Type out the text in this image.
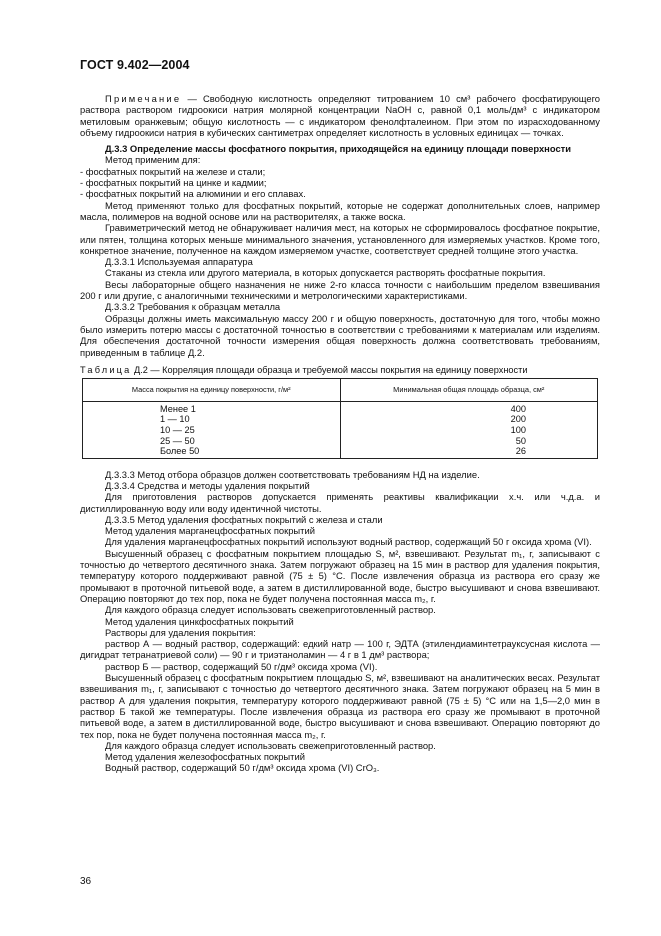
ГОСТ 9.402—2004

Примечание — Свободную кислотность определяют титрованием 10 см³ рабочего фосфатирующего раствора раствором гидроокиси натрия молярной концентрации NaOH c, равной 0,1 моль/дм³ с индикатором метиловым оранжевым; общую кислотность — с индикатором фенолфталеином. При этом по израсходованному объему гидроокиси натрия в кубических сантиметрах определяет кислотность в условных единицах — точках.

Д.3.3 Определение массы фосфатного покрытия, приходящейся на единицу площади поверхности

Метод применим для:

- фосфатных покрытий на железе и стали;

- фосфатных покрытий на цинке и кадмии;

- фосфатных покрытий на алюминии и его сплавах.

Метод применяют только для фосфатных покрытий, которые не содержат дополнительных слоев, например масла, полимеров на водной основе или на растворителях, а также воска.

Гравиметрический метод не обнаруживает наличия мест, на которых не сформировалось фосфатное покрытие, или пятен, толщина которых меньше минимального значения, установленного для измеряемых участков. Кроме того, конкретное значение, полученное на каждом измеряемом участке, соответствует средней толщине этого участка.

Д.3.3.1 Используемая аппаратура

Стаканы из стекла или другого материала, в которых допускается растворять фосфатные покрытия.

Весы лабораторные общего назначения не ниже 2-го класса точности с наибольшим пределом взвешивания 200 г или другие, с аналогичными техническими и метрологическими характеристиками.

Д.3.3.2 Требования к образцам металла

Образцы должны иметь максимальную массу 200 г и общую поверхность, достаточную для того, чтобы можно было измерить потерю массы с достаточной точностью в соответствии с требованиями к материалам или изделиям. Для обеспечения достаточной точности измерения общая поверхность должна соответствовать требованиям, приведенным в таблице Д.2.

Таблица Д.2 — Корреляция площади образца и требуемой массы покрытия на единицу поверхности
Масса покрытия на единицу поверхности, г/м²	Минимальная общая площадь образца, см²
Менее 1	400
1 — 10	200
10 — 25	100
25 — 50	50
Более 50	26

Д.3.3.3 Метод отбора образцов должен соответствовать требованиям НД на изделие.

Д.3.3.4 Средства и методы удаления покрытий

Для приготовления растворов допускается применять реактивы квалификации х.ч. или ч.д.а. и дистиллированную воду или воду идентичной чистоты.

Д.3.3.5 Метод удаления фосфатных покрытий с железа и стали

Метод удаления марганецфосфатных покрытий

Для удаления марганецфосфатных покрытий используют водный раствор, содержащий 50 г оксида хрома (VI).

Высушенный образец с фосфатным покрытием площадью S, м², взвешивают. Результат m₁, г, записывают с точностью до четвертого десятичного знака. Затем погружают образец на 15 мин в раствор для удаления покрытия, температуру которого поддерживают равной (75 ± 5) °С. После извлечения образца из раствора его сразу же промывают в проточной питьевой воде, а затем в дистиллированной воде, быстро высушивают и снова взвешивают. Операцию повторяют до тех пор, пока не будет получена постоянная масса m₂, г.

Для каждого образца следует использовать свежеприготовленный раствор.

Метод удаления цинкфосфатных покрытий

Растворы для удаления покрытия:

раствор А — водный раствор, содержащий: едкий натр — 100 г, ЭДТА (этилендиаминтетрауксусная кислота — дигидрат тетранатриевой соли) — 90 г и триэтаноламин — 4 г в 1 дм³ раствора;

раствор Б — раствор, содержащий 50 г/дм³ оксида хрома (VI).

Высушенный образец с фосфатным покрытием площадью S, м², взвешивают на аналитических весах. Результат взвешивания m₁, г, записывают с точностью до четвертого десятичного знака. Затем погружают образец на 5 мин в раствор А для удаления покрытия, температуру которого поддерживают равной (75 ± 5) °С или на 1,5—2,0 мин в раствор Б такой же температуры. После извлечения образца из раствора его сразу же промывают в проточной питьевой воде, а затем в дистиллированной воде, быстро высушивают и снова взвешивают. Операцию повторяют до тех пор, пока не будет получена постоянная масса m₂, г.

Для каждого образца следует использовать свежеприготовленный раствор.

Метод удаления железофосфатных покрытий

Водный раствор, содержащий 50 г/дм³ оксида хрома (VI) CrO₃.

36
